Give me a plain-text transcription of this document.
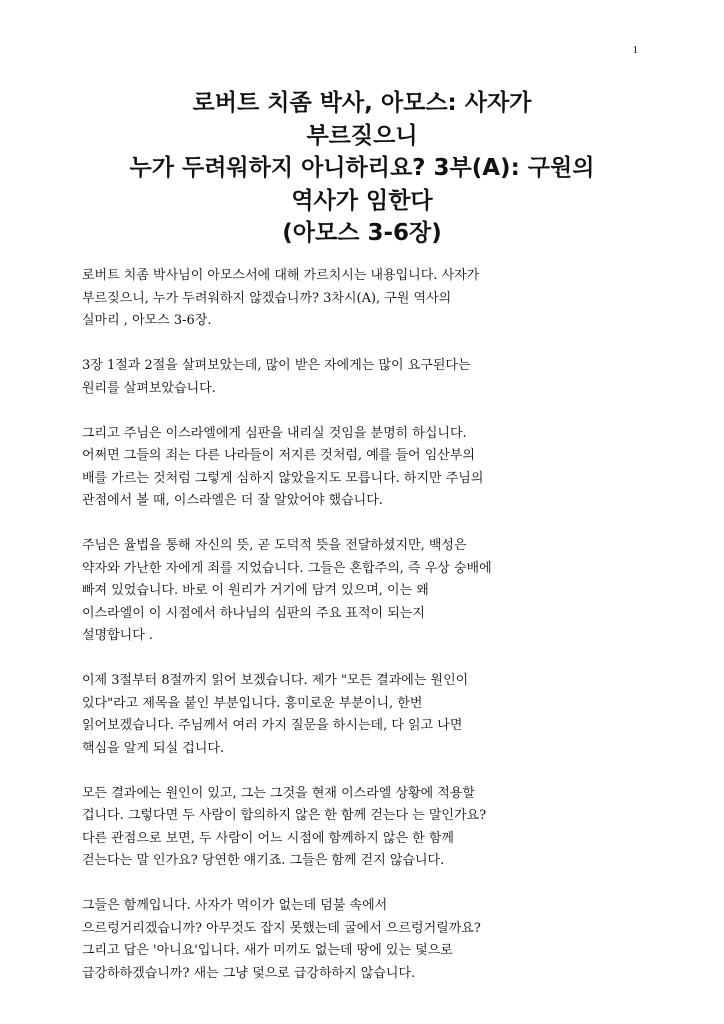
1
로버트 치좀 박사, 아모스: 사자가
부르짖으니
누가 두려워하지 아니하리요? 3부(A): 구원의
역사가 임한다
(아모스 3-6장)
로버트 치좀 박사님이 아모스서에 대해 가르치시는 내용입니다. 사자가
부르짖으니, 누가 두려워하지 않겠습니까? 3차시(A), 구원 역사의
실마리 , 아모스 3-6장.
3장 1절과 2절을 살펴보았는데, 많이 받은 자에게는 많이 요구된다는
원리를 살펴보았습니다.
그리고 주님은 이스라엘에게 심판을 내리실 것임을 분명히 하십니다.
어쩌면 그들의 죄는 다른 나라들이 저지른 것처럼, 예를 들어 임산부의
배를 가르는 것처럼 그렇게 심하지 않았을지도 모릅니다. 하지만 주님의
관점에서 볼 때, 이스라엘은 더 잘 알았어야 했습니다.
주님은 율법을 통해 자신의 뜻, 곧 도덕적 뜻을 전달하셨지만, 백성은
약자와 가난한 자에게 죄를 지었습니다. 그들은 혼합주의, 즉 우상 숭배에
빠져 있었습니다. 바로 이 원리가 거기에 담겨 있으며, 이는 왜
이스라엘이 이 시점에서 하나님의 심판의 주요 표적이 되는지
설명합니다 .
이제 3절부터 8절까지 읽어 보겠습니다. 제가 "모든 결과에는 원인이
있다"라고 제목을 붙인 부분입니다. 흥미로운 부분이니, 한번
읽어보겠습니다. 주님께서 여러 가지 질문을 하시는데, 다 읽고 나면
핵심을 알게 되실 겁니다.
모든 결과에는 원인이 있고, 그는 그것을 현재 이스라엘 상황에 적용할
겁니다. 그렇다면 두 사람이 합의하지 않은 한 함께 걷는다 는 말인가요?
다른 관점으로 보면, 두 사람이 어느 시점에 함께하지 않은 한 함께
걷는다는 말 인가요? 당연한 얘기죠. 그들은 함께 걷지 않습니다.
그들은 함께입니다. 사자가 먹이가 없는데 덤불 속에서
으르렁거리겠습니까? 아무것도 잡지 못했는데 굴에서 으르렁거릴까요?
그리고 답은 '아니요'입니다. 새가 미끼도 없는데 땅에 있는 덫으로
급강하하겠습니까? 새는 그냥 덫으로 급강하하지 않습니다.
